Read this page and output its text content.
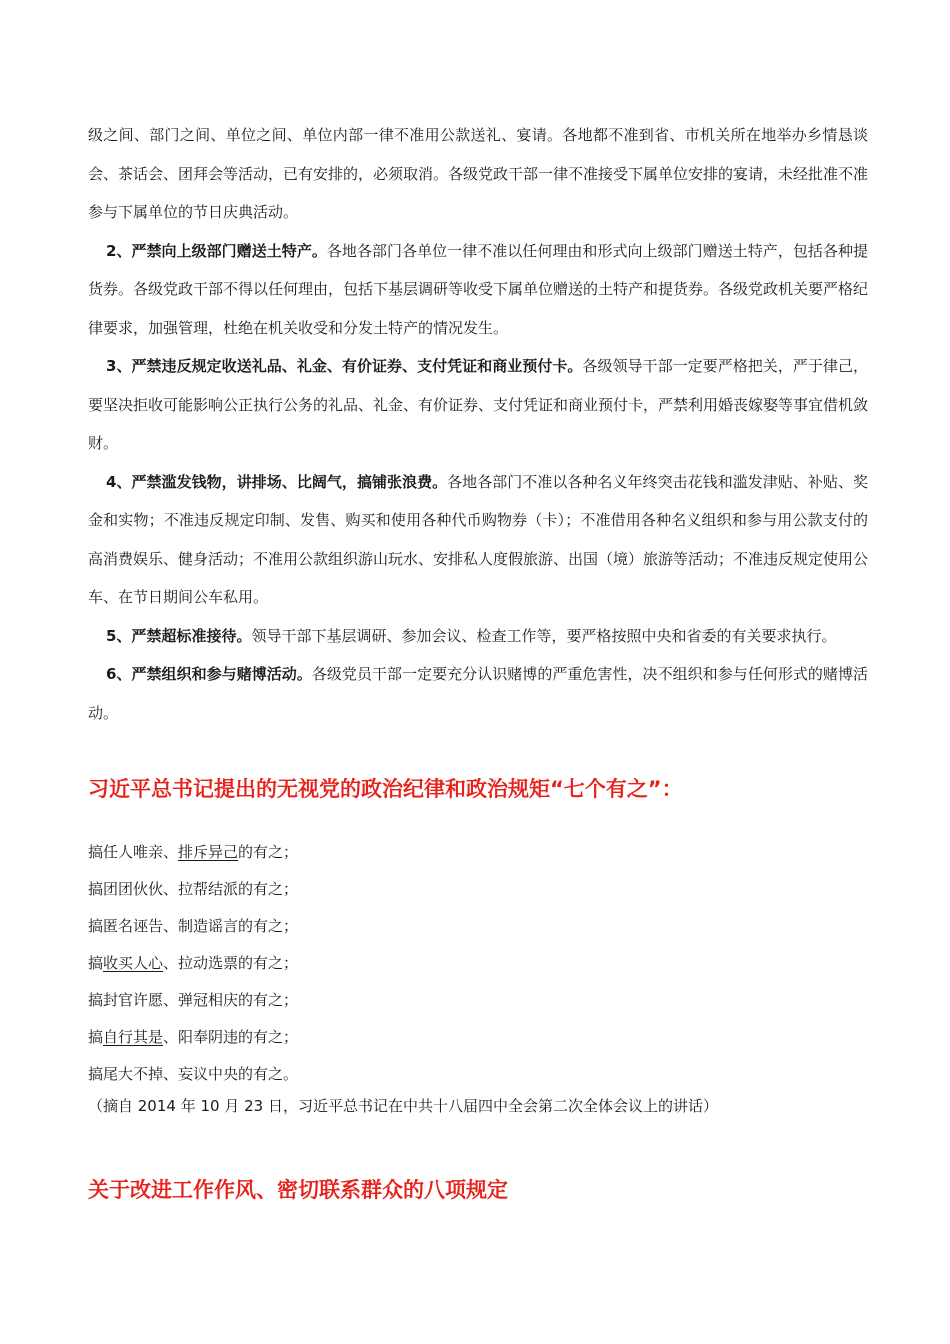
级之间、部门之间、单位之间、单位内部一律不准用公款送礼、宴请。各地都不准到省、市机关所在地举办乡情恳谈会、茶话会、团拜会等活动，已有安排的，必须取消。各级党政干部一律不准接受下属单位安排的宴请，未经批准不准参与下属单位的节日庆典活动。

2、严禁向上级部门赠送土特产。各地各部门各单位一律不准以任何理由和形式向上级部门赠送土特产，包括各种提货券。各级党政干部不得以任何理由，包括下基层调研等收受下属单位赠送的土特产和提货券。各级党政机关要严格纪律要求，加强管理，杜绝在机关收受和分发土特产的情况发生。

3、严禁违反规定收送礼品、礼金、有价证券、支付凭证和商业预付卡。各级领导干部一定要严格把关，严于律己，要坚决拒收可能影响公正执行公务的礼品、礼金、有价证券、支付凭证和商业预付卡，严禁利用婚丧嫁娶等事宜借机敛财。

4、严禁滥发钱物，讲排场、比阔气，搞铺张浪费。各地各部门不准以各种名义年终突击花钱和滥发津贴、补贴、奖金和实物；不准违反规定印制、发售、购买和使用各种代币购物券（卡）；不准借用各种名义组织和参与用公款支付的高消费娱乐、健身活动；不准用公款组织游山玩水、安排私人度假旅游、出国（境）旅游等活动；不准违反规定使用公车、在节日期间公车私用。

5、严禁超标准接待。领导干部下基层调研、参加会议、检查工作等，要严格按照中央和省委的有关要求执行。

6、严禁组织和参与赌博活动。各级党员干部一定要充分认识赌博的严重危害性，决不组织和参与任何形式的赌博活动。

习近平总书记提出的无视党的政治纪律和政治规矩“七个有之”：

搞任人唯亲、排斥异己的有之；

搞团团伙伙、拉帮结派的有之；

搞匿名诬告、制造谣言的有之；

搞收买人心、拉动选票的有之；

搞封官许愿、弹冠相庆的有之；

搞自行其是、阳奉阴违的有之；

搞尾大不掉、妄议中央的有之。

（摘自 2014 年 10 月 23 日，习近平总书记在中共十八届四中全会第二次全体会议上的讲话）

关于改进工作作风、密切联系群众的八项规定
